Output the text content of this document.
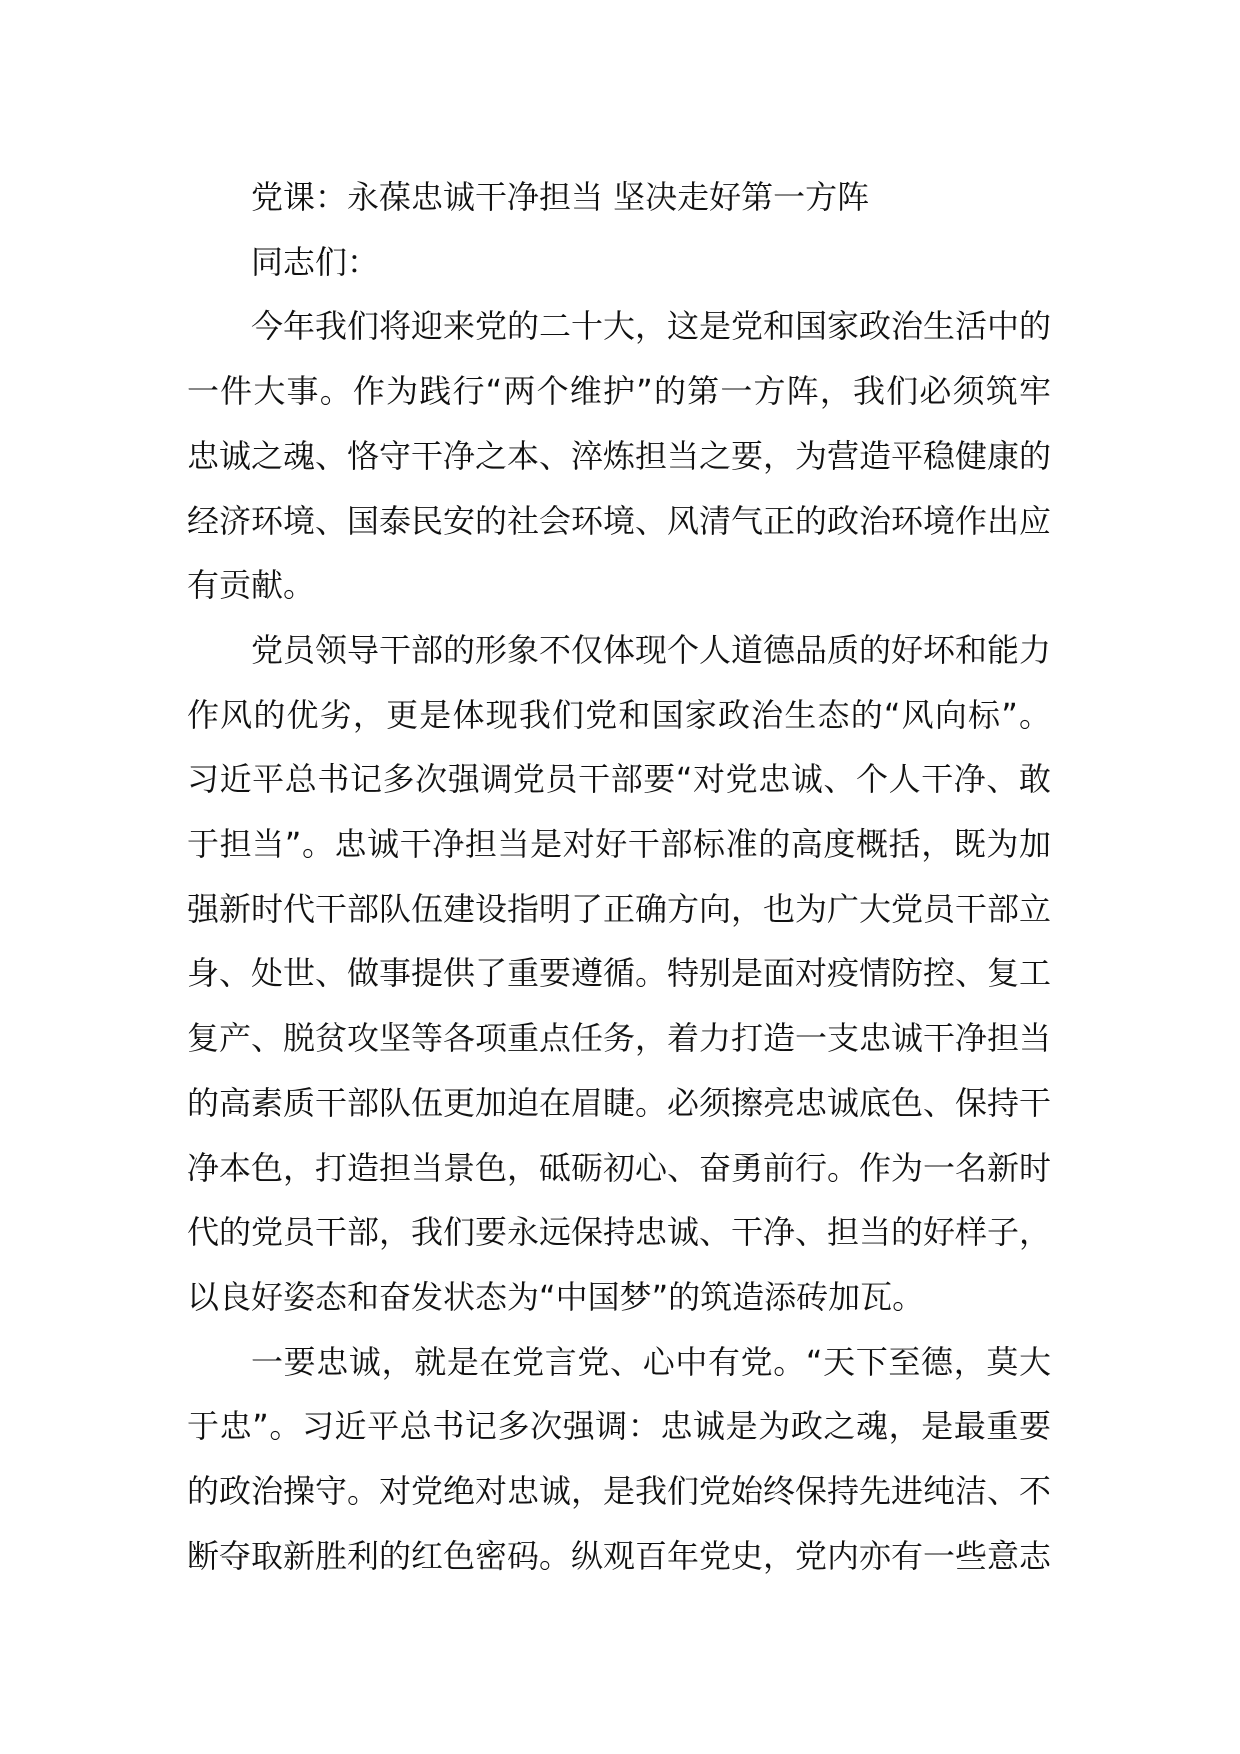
党课：永葆忠诚干净担当 坚决走好第一方阵

同志们：

今年我们将迎来党的二十大，这是党和国家政治生活中的一件大事。作为践行“两个维护”的第一方阵，我们必须筑牢忠诚之魂、恪守干净之本、淬炼担当之要，为营造平稳健康的经济环境、国泰民安的社会环境、风清气正的政治环境作出应有贡献。

党员领导干部的形象不仅体现个人道德品质的好坏和能力作风的优劣，更是体现我们党和国家政治生态的“风向标”。习近平总书记多次强调党员干部要“对党忠诚、个人干净、敢于担当”。忠诚干净担当是对好干部标准的高度概括，既为加强新时代干部队伍建设指明了正确方向，也为广大党员干部立身、处世、做事提供了重要遵循。特别是面对疫情防控、复工复产、脱贫攻坚等各项重点任务，着力打造一支忠诚干净担当的高素质干部队伍更加迫在眉睫。必须擦亮忠诚底色、保持干净本色，打造担当景色，砥砺初心、奋勇前行。作为一名新时代的党员干部，我们要永远保持忠诚、干净、担当的好样子，以良好姿态和奋发状态为“中国梦”的筑造添砖加瓦。

一要忠诚，就是在党言党、心中有党。“天下至德，莫大于忠”。习近平总书记多次强调：忠诚是为政之魂，是最重要的政治操守。对党绝对忠诚，是我们党始终保持先进纯洁、不断夺取新胜利的红色密码。纵观百年党史，党内亦有一些意志
